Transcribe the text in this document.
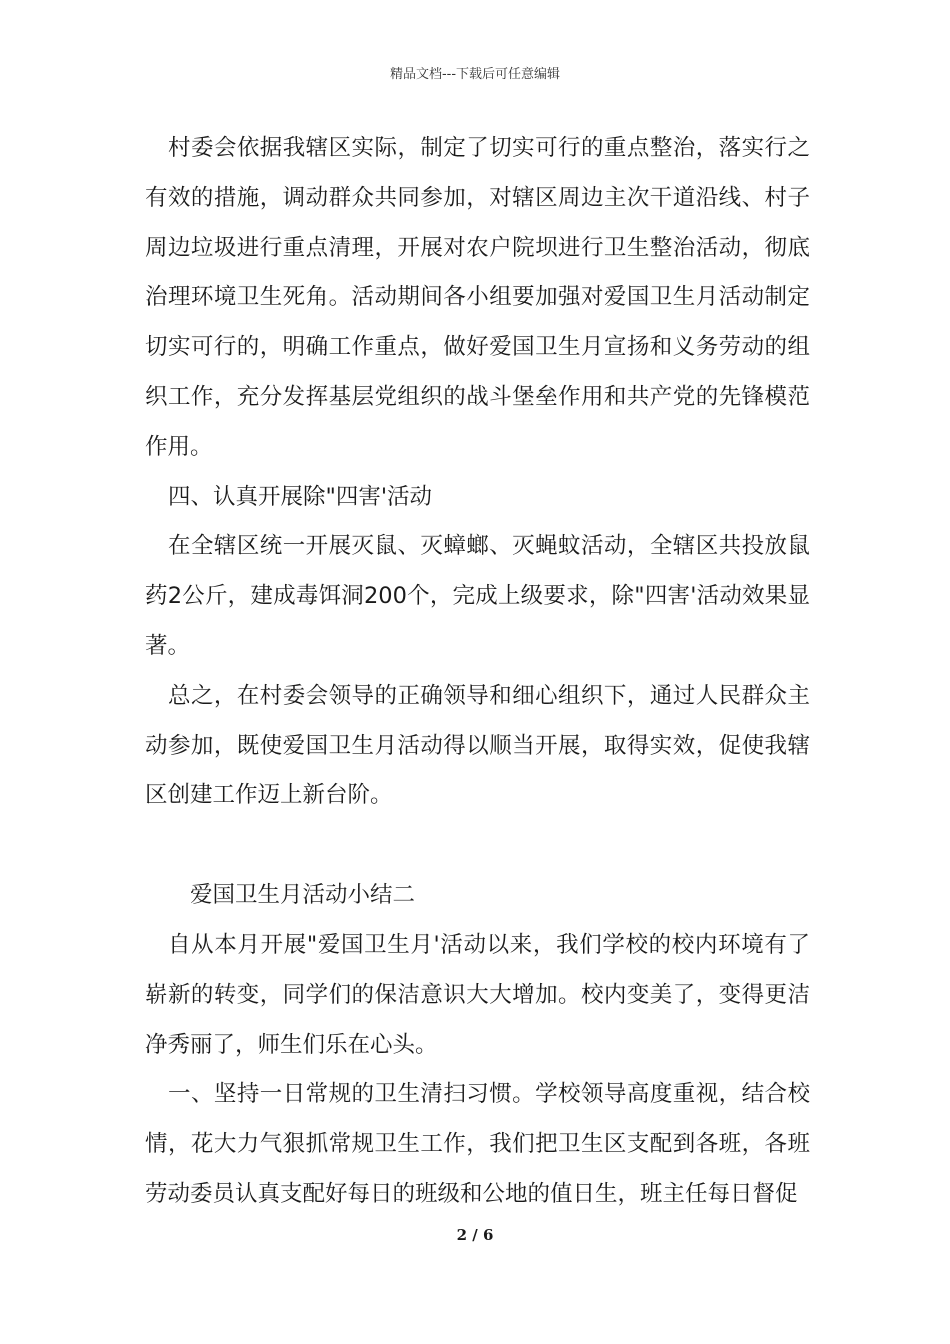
精品文档---下载后可任意编辑

村委会依据我辖区实际，制定了切实可行的重点整治，落实行之有效的措施，调动群众共同参加，对辖区周边主次干道沿线、村子周边垃圾进行重点清理，开展对农户院坝进行卫生整治活动，彻底治理环境卫生死角。活动期间各小组要加强对爱国卫生月活动制定切实可行的，明确工作重点，做好爱国卫生月宣扬和义务劳动的组织工作，充分发挥基层党组织的战斗堡垒作用和共产党的先锋模范作用。

四、认真开展除"四害'活动

在全辖区统一开展灭鼠、灭蟑螂、灭蝇蚊活动，全辖区共投放鼠药2公斤，建成毒饵洞200个，完成上级要求，除"四害'活动效果显著。

总之，在村委会领导的正确领导和细心组织下，通过人民群众主动参加，既使爱国卫生月活动得以顺当开展，取得实效，促使我辖区创建工作迈上新台阶。

爱国卫生月活动小结二

自从本月开展"爱国卫生月'活动以来，我们学校的校内环境有了崭新的转变，同学们的保洁意识大大增加。校内变美了，变得更洁净秀丽了，师生们乐在心头。

一、坚持一日常规的卫生清扫习惯。学校领导高度重视，结合校情，花大力气狠抓常规卫生工作，我们把卫生区支配到各班，各班劳动委员认真支配好每日的班级和公地的值日生，班主任每日督促

2 / 6
